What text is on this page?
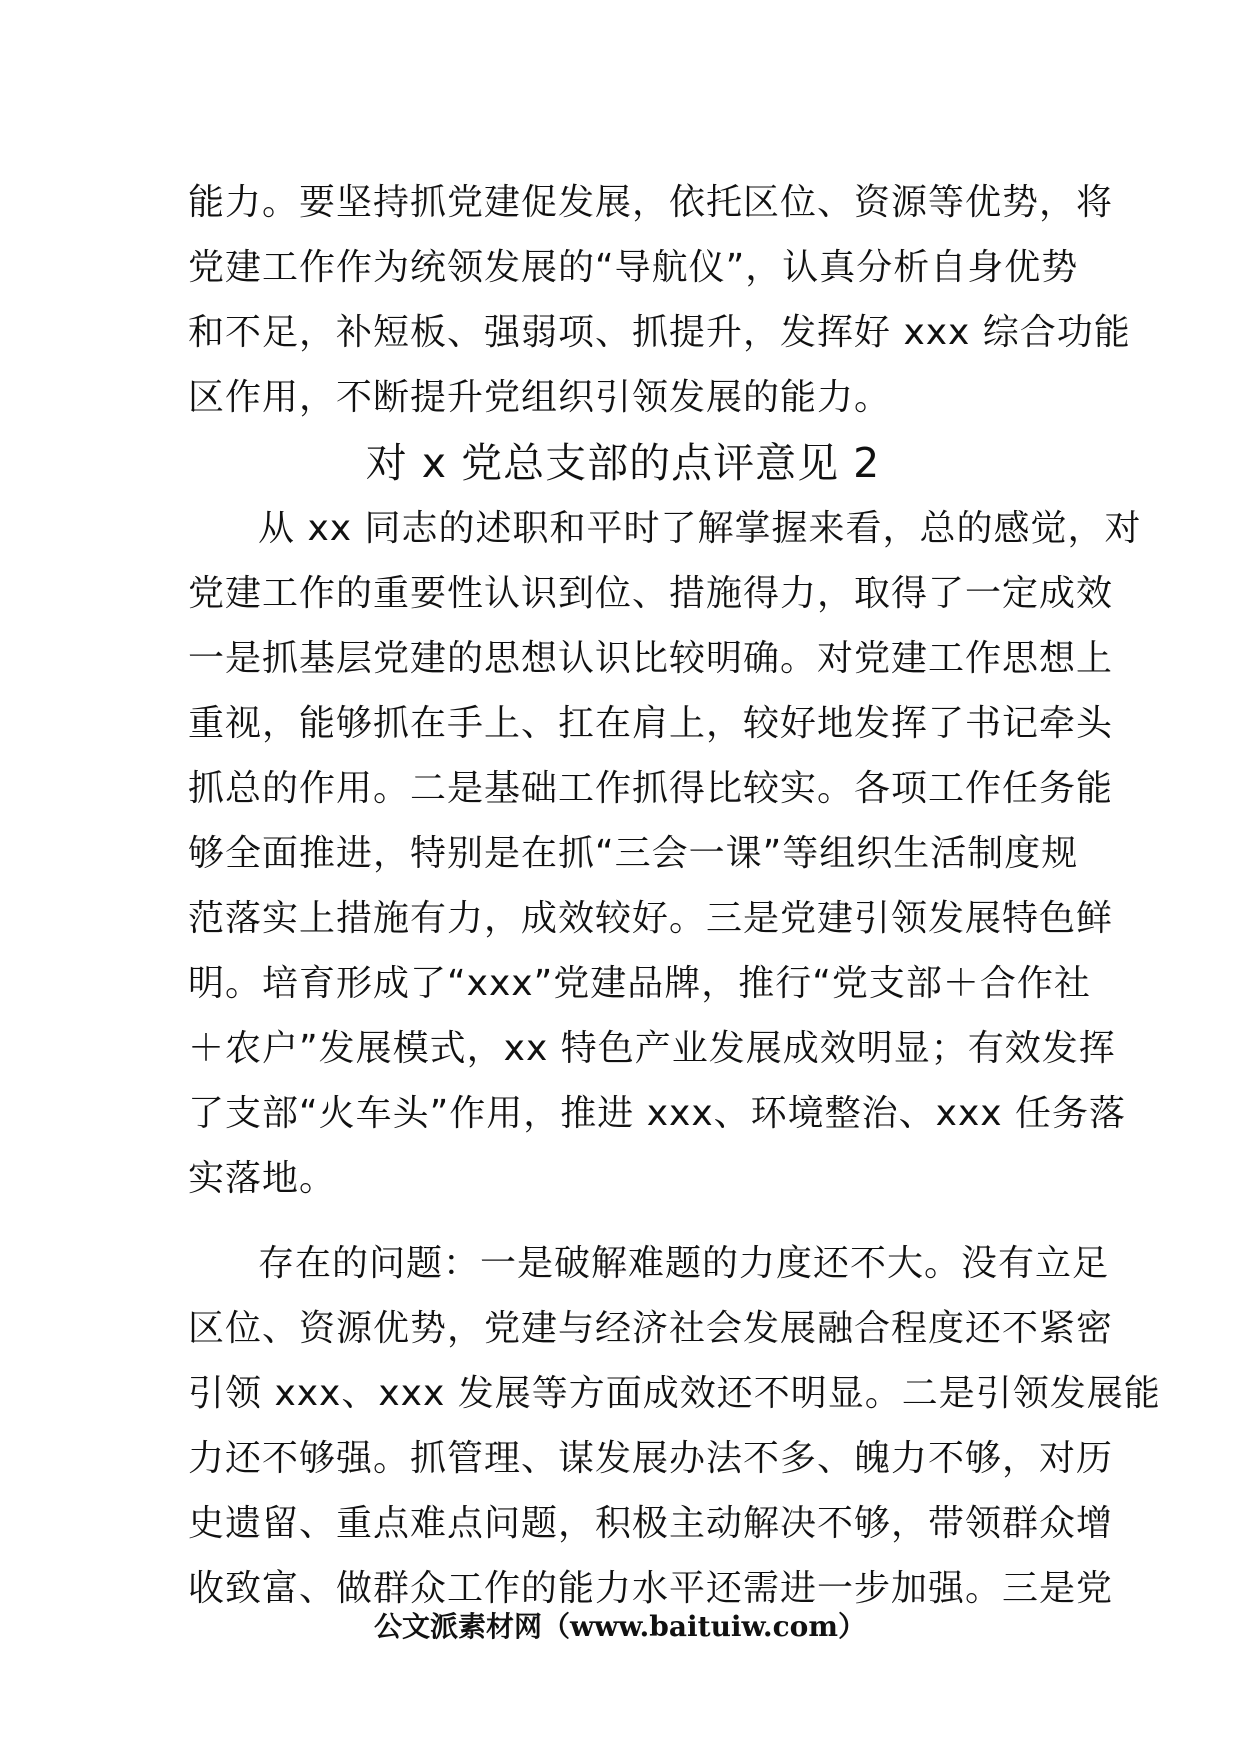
能力。要坚持抓党建促发展，依托区位、资源等优势，将
党建工作作为统领发展的“导航仪”，认真分析自身优势
和不足，补短板、强弱项、抓提升，发挥好 xxx 综合功能
区作用，不断提升党组织引领发展的能力。
对 x 党总支部的点评意见 2
从 xx 同志的述职和平时了解掌握来看，总的感觉，对
党建工作的重要性认识到位、措施得力，取得了一定成效
一是抓基层党建的思想认识比较明确。对党建工作思想上
重视，能够抓在手上、扛在肩上，较好地发挥了书记牵头
抓总的作用。二是基础工作抓得比较实。各项工作任务能
够全面推进，特别是在抓“三会一课”等组织生活制度规
范落实上措施有力，成效较好。三是党建引领发展特色鲜
明。培育形成了“xxx”党建品牌，推行“党支部＋合作社
＋农户”发展模式，xx 特色产业发展成效明显；有效发挥
了支部“火车头”作用，推进 xxx、环境整治、xxx 任务落
实落地。
存在的问题：一是破解难题的力度还不大。没有立足
区位、资源优势，党建与经济社会发展融合程度还不紧密
引领 xxx、xxx 发展等方面成效还不明显。二是引领发展能
力还不够强。抓管理、谋发展办法不多、魄力不够，对历
史遗留、重点难点问题，积极主动解决不够，带领群众增
收致富、做群众工作的能力水平还需进一步加强。三是党
公文派素材网（www.baituiw.com）
